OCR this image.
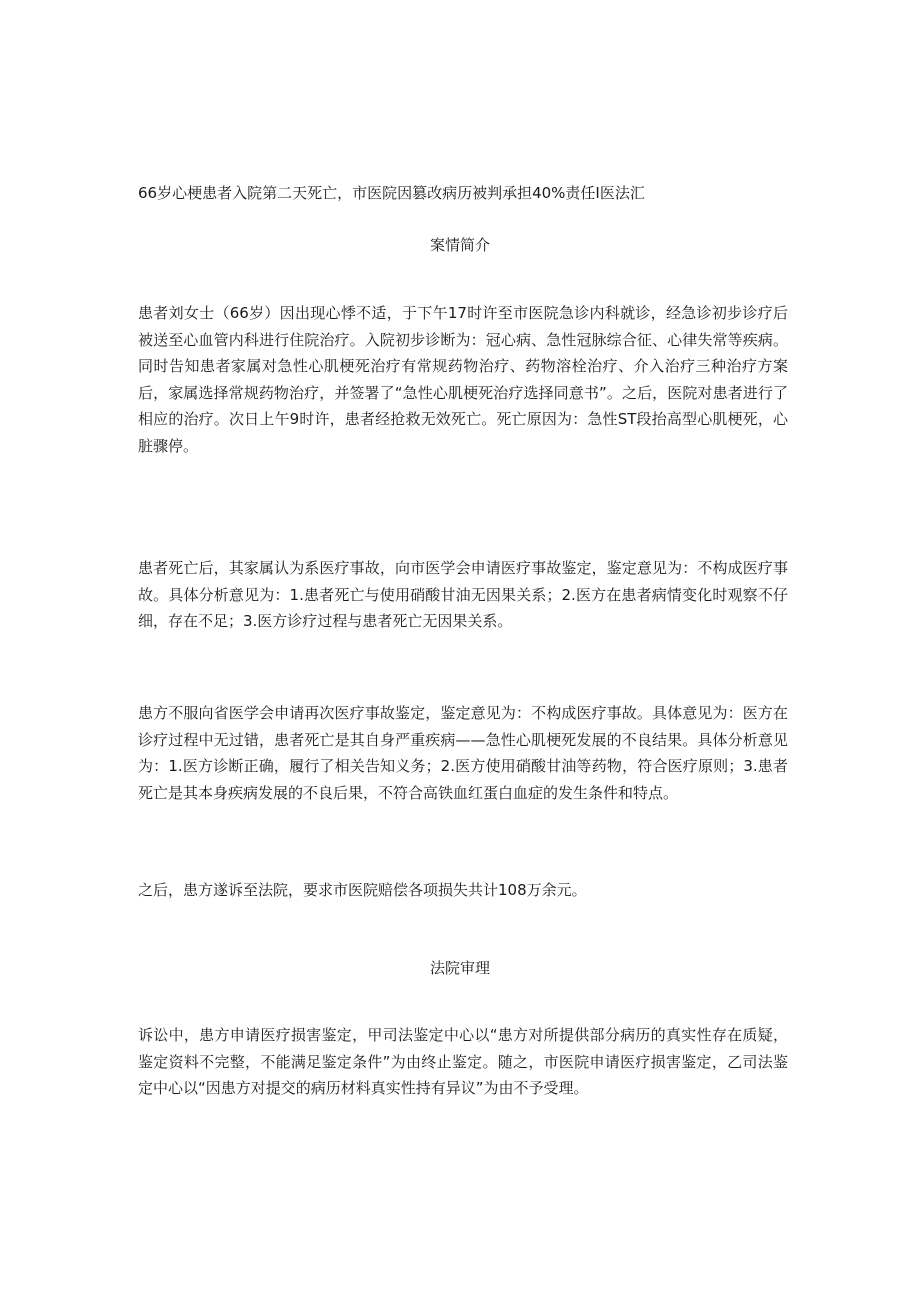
66岁心梗患者入院第二天死亡，市医院因篡改病历被判承担40%责任I医法汇
案情简介

患者刘女士（66岁）因出现心悸不适，于下午17时许至市医院急诊内科就诊，经急诊初步诊疗后被送至心血管内科进行住院治疗。入院初步诊断为：冠心病、急性冠脉综合征、心律失常等疾病。同时告知患者家属对急性心肌梗死治疗有常规药物治疗、药物溶栓治疗、介入治疗三种治疗方案后，家属选择常规药物治疗，并签署了“急性心肌梗死治疗选择同意书”。之后，医院对患者进行了相应的治疗。次日上午9时许，患者经抢救无效死亡。死亡原因为：急性ST段抬高型心肌梗死，心脏骤停。

患者死亡后，其家属认为系医疗事故，向市医学会申请医疗事故鉴定，鉴定意见为：不构成医疗事故。具体分析意见为：1.患者死亡与使用硝酸甘油无因果关系；2.医方在患者病情变化时观察不仔细，存在不足；3.医方诊疗过程与患者死亡无因果关系。

患方不服向省医学会申请再次医疗事故鉴定，鉴定意见为：不构成医疗事故。具体意见为：医方在诊疗过程中无过错，患者死亡是其自身严重疾病——急性心肌梗死发展的不良结果。具体分析意见为：1.医方诊断正确，履行了相关告知义务；2.医方使用硝酸甘油等药物，符合医疗原则；3.患者死亡是其本身疾病发展的不良后果，不符合高铁血红蛋白血症的发生条件和特点。

之后，患方遂诉至法院，要求市医院赔偿各项损失共计108万余元。

法院审理

诉讼中，患方申请医疗损害鉴定，甲司法鉴定中心以“患方对所提供部分病历的真实性存在质疑，鉴定资料不完整，不能满足鉴定条件”为由终止鉴定。随之，市医院申请医疗损害鉴定，乙司法鉴定中心以“因患方对提交的病历材料真实性持有异议”为由不予受理。
